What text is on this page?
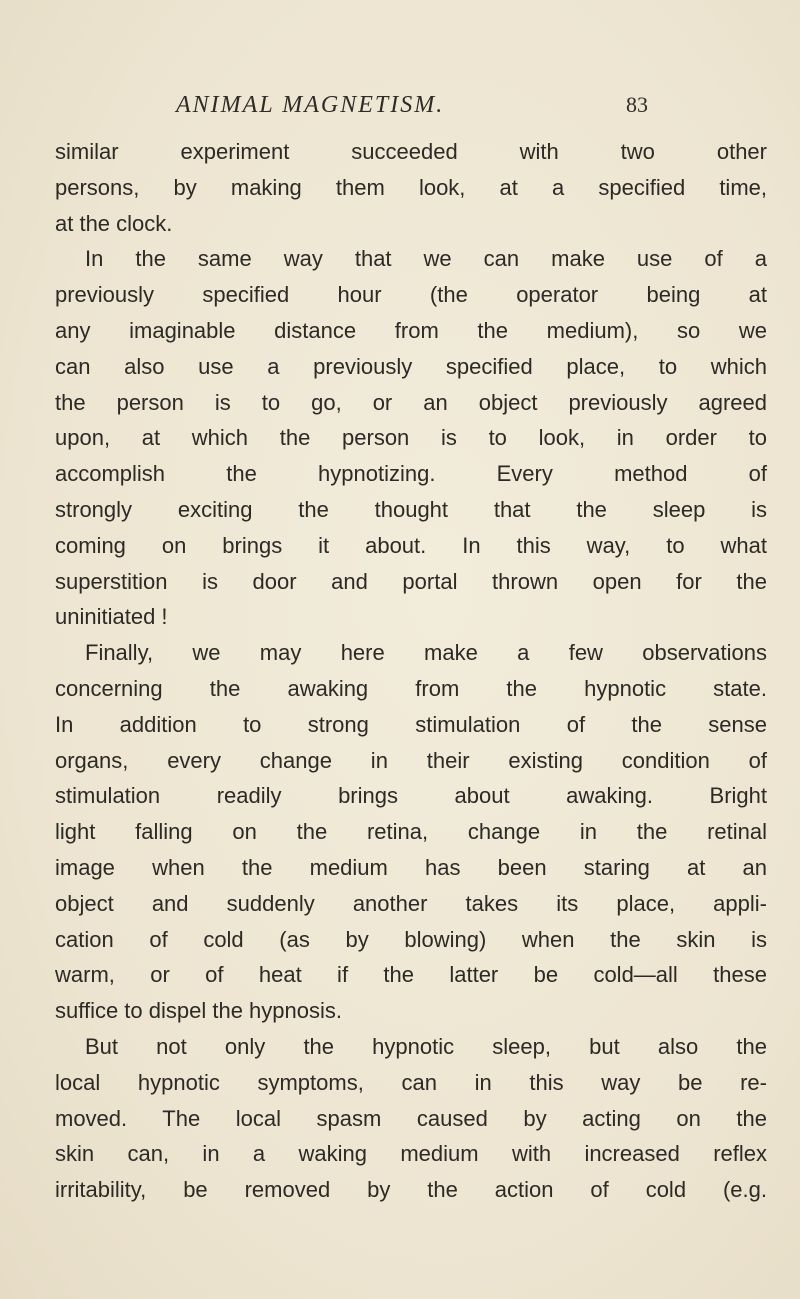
ANIMAL MAGNETISM.	83
similar experiment succeeded with two other
persons, by making them look, at a specified time,
at the clock.
In the same way that we can make use of a
previously specified hour (the operator being at
any imaginable distance from the medium), so we
can also use a previously specified place, to which
the person is to go, or an object previously agreed
upon, at which the person is to look, in order to
accomplish the hypnotizing. Every method of
strongly exciting the thought that the sleep is
coming on brings it about. In this way, to what
superstition is door and portal thrown open for the
uninitiated !
Finally, we may here make a few observations
concerning the awaking from the hypnotic state.
In addition to strong stimulation of the sense
organs, every change in their existing condition of
stimulation readily brings about awaking. Bright
light falling on the retina, change in the retinal
image when the medium has been staring at an
object and suddenly another takes its place, appli-
cation of cold (as by blowing) when the skin is
warm, or of heat if the latter be cold—all these
suffice to dispel the hypnosis.
But not only the hypnotic sleep, but also the
local hypnotic symptoms, can in this way be re-
moved. The local spasm caused by acting on the
skin can, in a waking medium with increased reflex
irritability, be removed by the action of cold (e.g.
